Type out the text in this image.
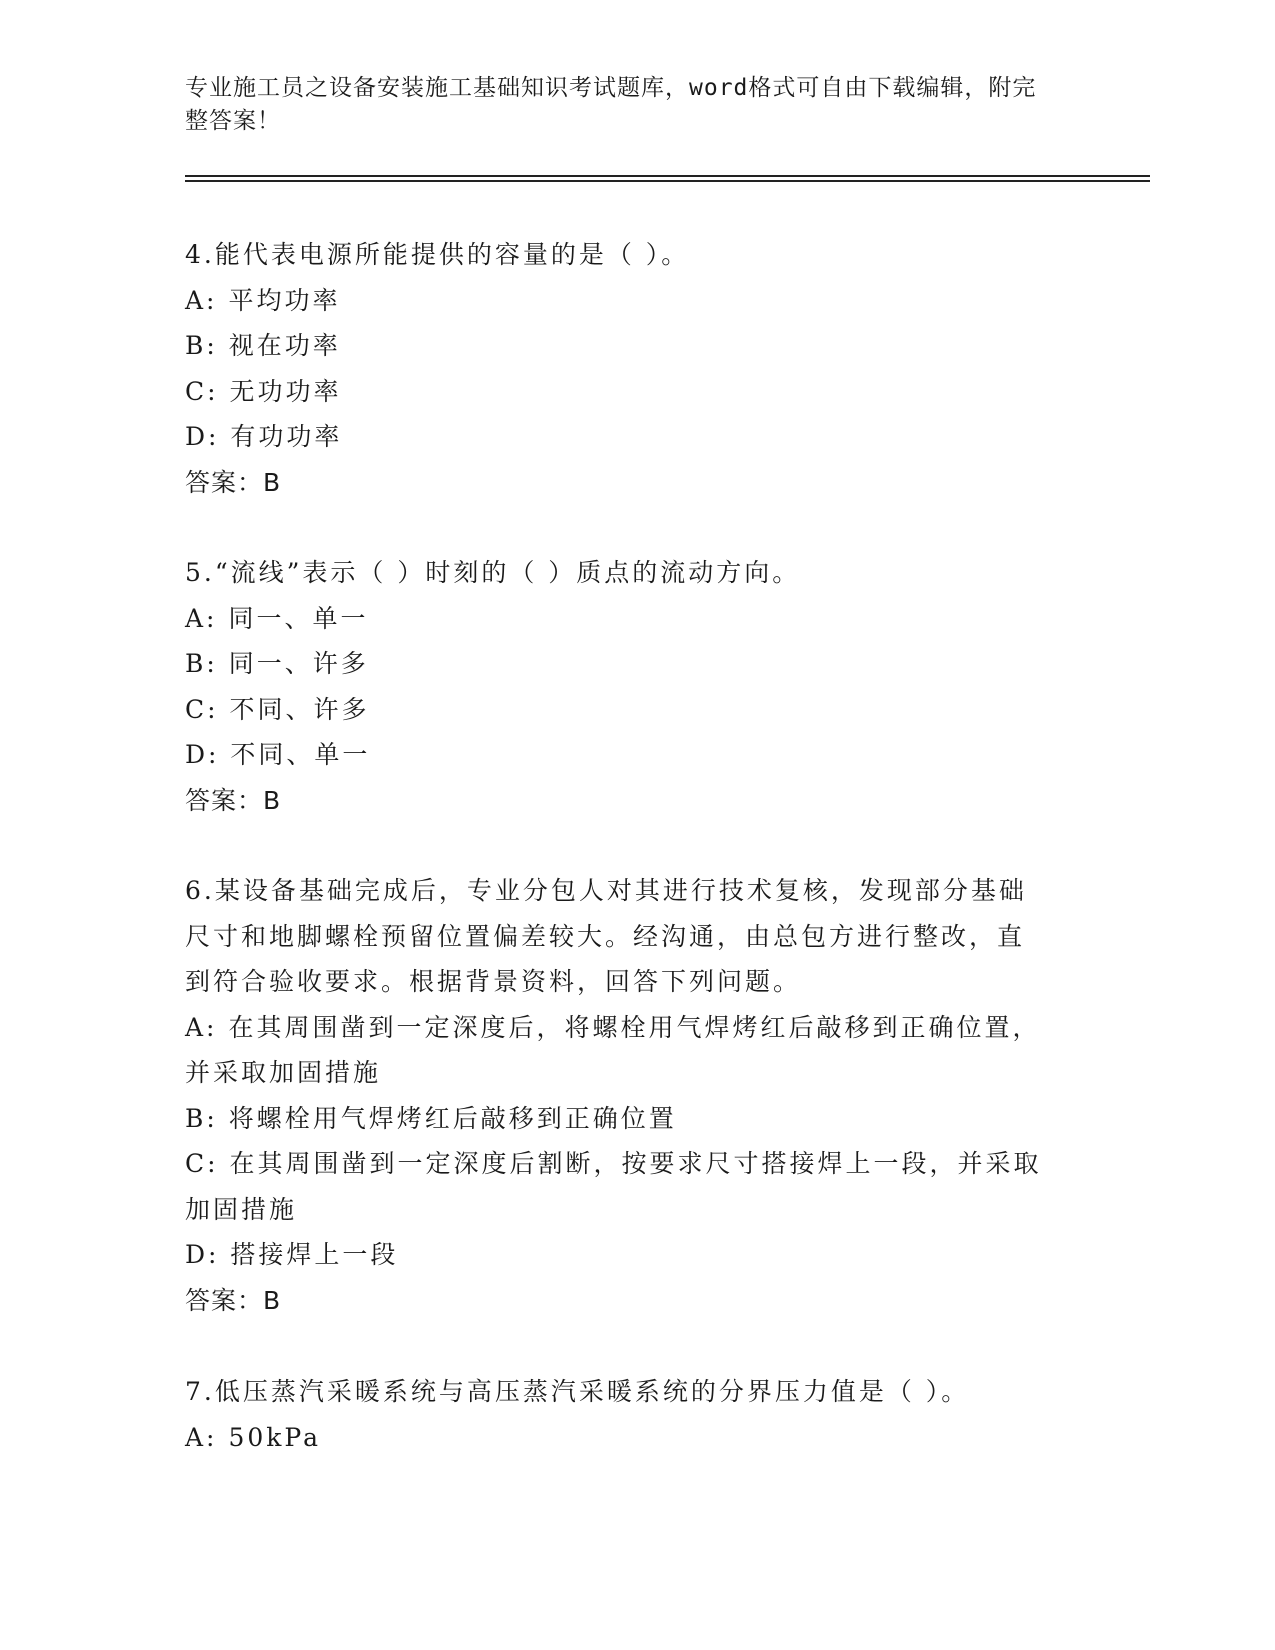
专业施工员之设备安装施工基础知识考试题库，word格式可自由下载编辑，附完
整答案！
4.能代表电源所能提供的容量的是（ ）。
A: 平均功率
B: 视在功率
C: 无功功率
D: 有功功率
答案：B
5.“流线”表示（ ）时刻的（ ）质点的流动方向。
A: 同一、单一
B: 同一、许多
C: 不同、许多
D: 不同、单一
答案：B
6.某设备基础完成后，专业分包人对其进行技术复核，发现部分基础
尺寸和地脚螺栓预留位置偏差较大。经沟通，由总包方进行整改，直
到符合验收要求。根据背景资料，回答下列问题。
A: 在其周围凿到一定深度后，将螺栓用气焊烤红后敲移到正确位置，
并采取加固措施
B: 将螺栓用气焊烤红后敲移到正确位置
C: 在其周围凿到一定深度后割断，按要求尺寸搭接焊上一段，并采取
加固措施
D: 搭接焊上一段
答案：B
7.低压蒸汽采暖系统与高压蒸汽采暖系统的分界压力值是（ ）。
A: 50kPa
